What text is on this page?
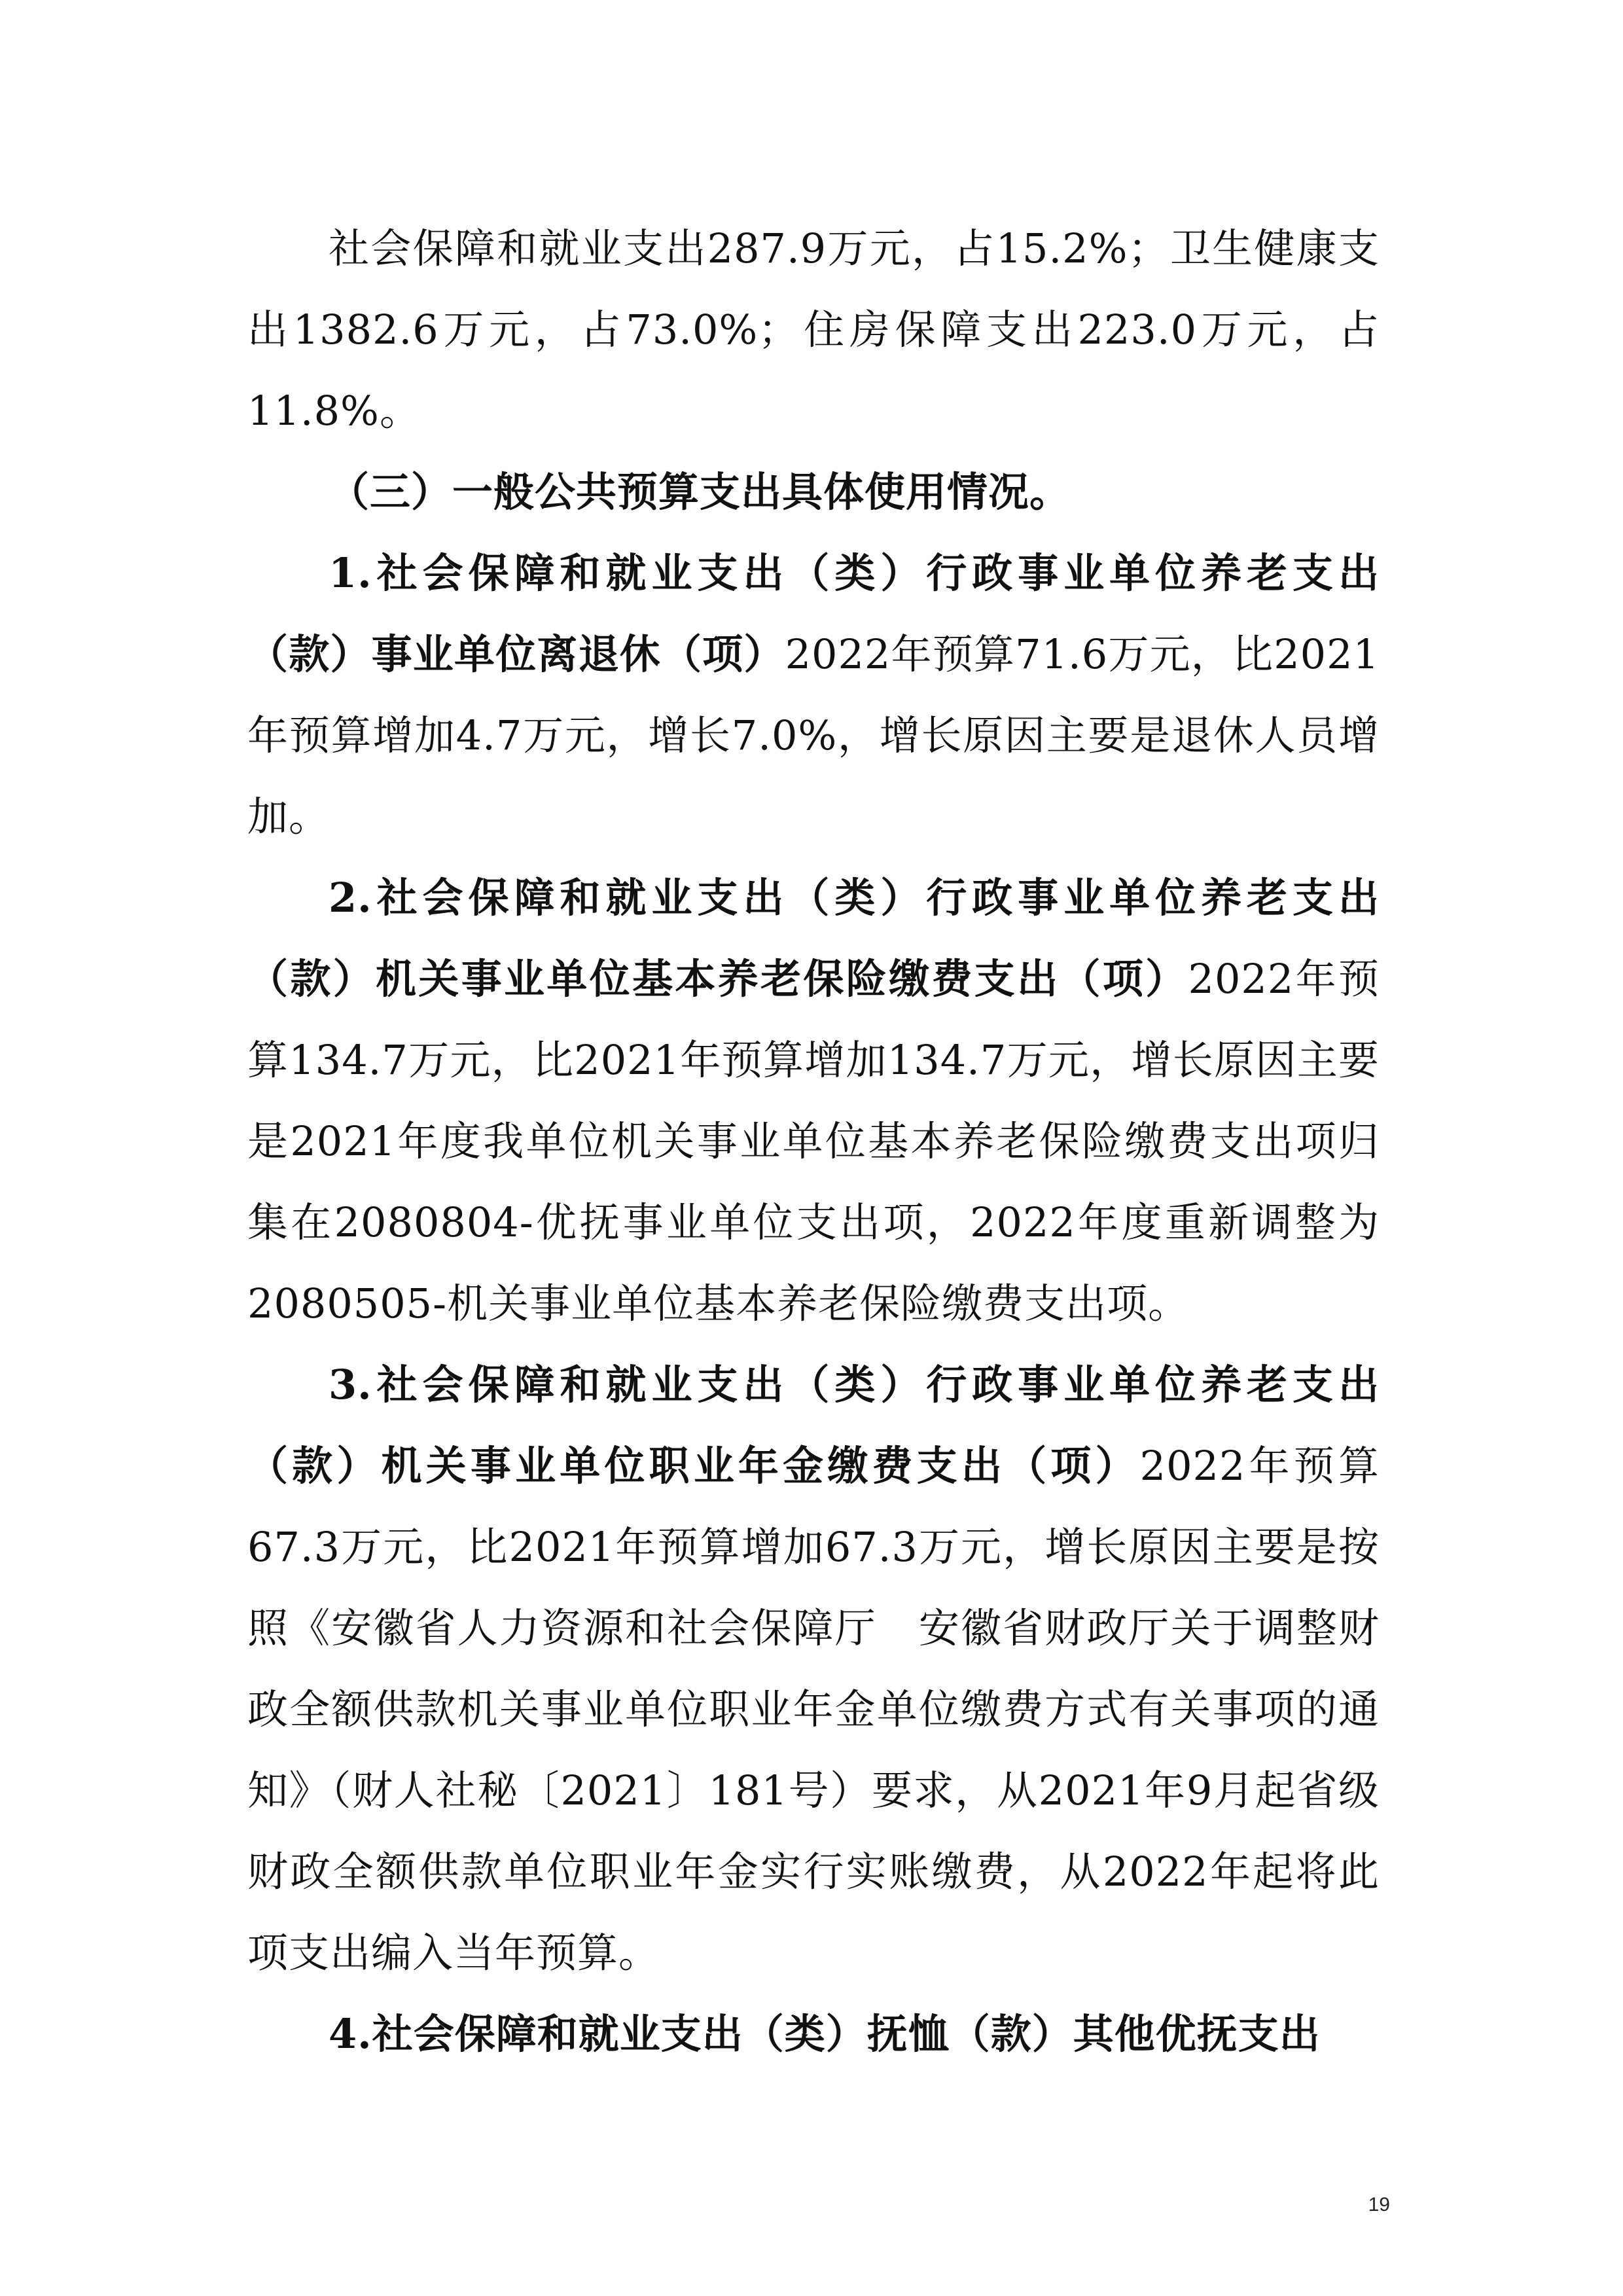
社会保障和就业支出287.9万元，占15.2%；卫生健康支出1382.6万元，占73.0%；住房保障支出223.0万元，占11.8%。

（三）一般公共预算支出具体使用情况。

1.社会保障和就业支出（类）行政事业单位养老支出（款）事业单位离退休（项）2022年预算71.6万元，比2021年预算增加4.7万元，增长7.0%，增长原因主要是退休人员增加。

2.社会保障和就业支出（类）行政事业单位养老支出（款）机关事业单位基本养老保险缴费支出（项）2022年预算134.7万元，比2021年预算增加134.7万元，增长原因主要是2021年度我单位机关事业单位基本养老保险缴费支出项归集在2080804-优抚事业单位支出项，2022年度重新调整为2080505-机关事业单位基本养老保险缴费支出项。

3.社会保障和就业支出（类）行政事业单位养老支出（款）机关事业单位职业年金缴费支出（项）2022年预算67.3万元，比2021年预算增加67.3万元，增长原因主要是按照《安徽省人力资源和社会保障厅　安徽省财政厅关于调整财政全额供款机关事业单位职业年金单位缴费方式有关事项的通知》（财人社秘〔2021〕181号）要求，从2021年9月起省级财政全额供款单位职业年金实行实账缴费，从2022年起将此项支出编入当年预算。

4.社会保障和就业支出（类）抚恤（款）其他优抚支出

19
